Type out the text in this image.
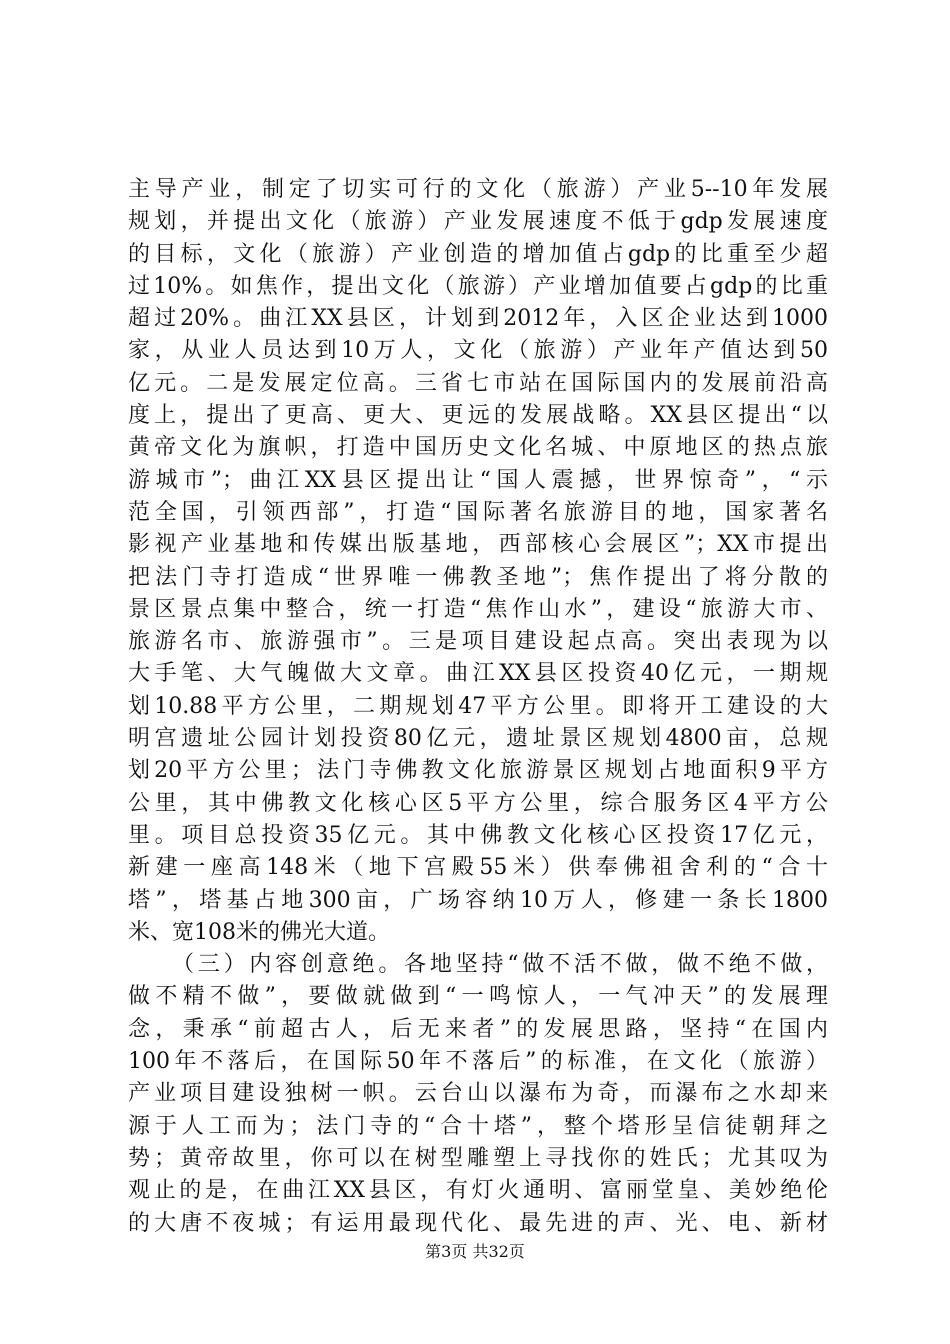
主导产业，制定了切实可行的文化（旅游）产业5--10年发展
规划，并提出文化（旅游）产业发展速度不低于gdp发展速度
的目标，文化（旅游）产业创造的增加值占gdp的比重至少超
过10%。如焦作，提出文化（旅游）产业增加值要占gdp的比重
超过20%。曲江XX县区，计划到2012年，入区企业达到1000
家，从业人员达到10万人，文化（旅游）产业年产值达到50
亿元。二是发展定位高。三省七市站在国际国内的发展前沿高
度上，提出了更高、更大、更远的发展战略。XX县区提出“以
黄帝文化为旗帜，打造中国历史文化名城、中原地区的热点旅
游城市”；曲江XX县区提出让“国人震撼，世界惊奇”，“示
范全国，引领西部”，打造“国际著名旅游目的地，国家著名
影视产业基地和传媒出版基地，西部核心会展区”；XX市提出
把法门寺打造成“世界唯一佛教圣地”；焦作提出了将分散的
景区景点集中整合，统一打造“焦作山水”，建设“旅游大市、
旅游名市、旅游强市”。三是项目建设起点高。突出表现为以
大手笔、大气魄做大文章。曲江XX县区投资40亿元，一期规
划10.88平方公里，二期规划47平方公里。即将开工建设的大
明宫遗址公园计划投资80亿元，遗址景区规划4800亩，总规
划20平方公里；法门寺佛教文化旅游景区规划占地面积9平方
公里，其中佛教文化核心区5平方公里，综合服务区4平方公
里。项目总投资35亿元。其中佛教文化核心区投资17亿元，
新建一座高148米（地下宫殿55米）供奉佛祖舍利的“合十
塔”，塔基占地300亩，广场容纳10万人，修建一条长1800
米、宽108米的佛光大道。
（三）内容创意绝。各地坚持“做不活不做，做不绝不做，
做不精不做”，要做就做到“一鸣惊人，一气冲天”的发展理
念，秉承“前超古人，后无来者”的发展思路，坚持“在国内
100年不落后，在国际50年不落后”的标准，在文化（旅游）
产业项目建设独树一帜。云台山以瀑布为奇，而瀑布之水却来
源于人工而为；法门寺的“合十塔”，整个塔形呈信徒朝拜之
势；黄帝故里，你可以在树型雕塑上寻找你的姓氏；尤其叹为
观止的是，在曲江XX县区，有灯火通明、富丽堂皇、美妙绝伦
的大唐不夜城；有运用最现代化、最先进的声、光、电、新材
第3页 共32页
